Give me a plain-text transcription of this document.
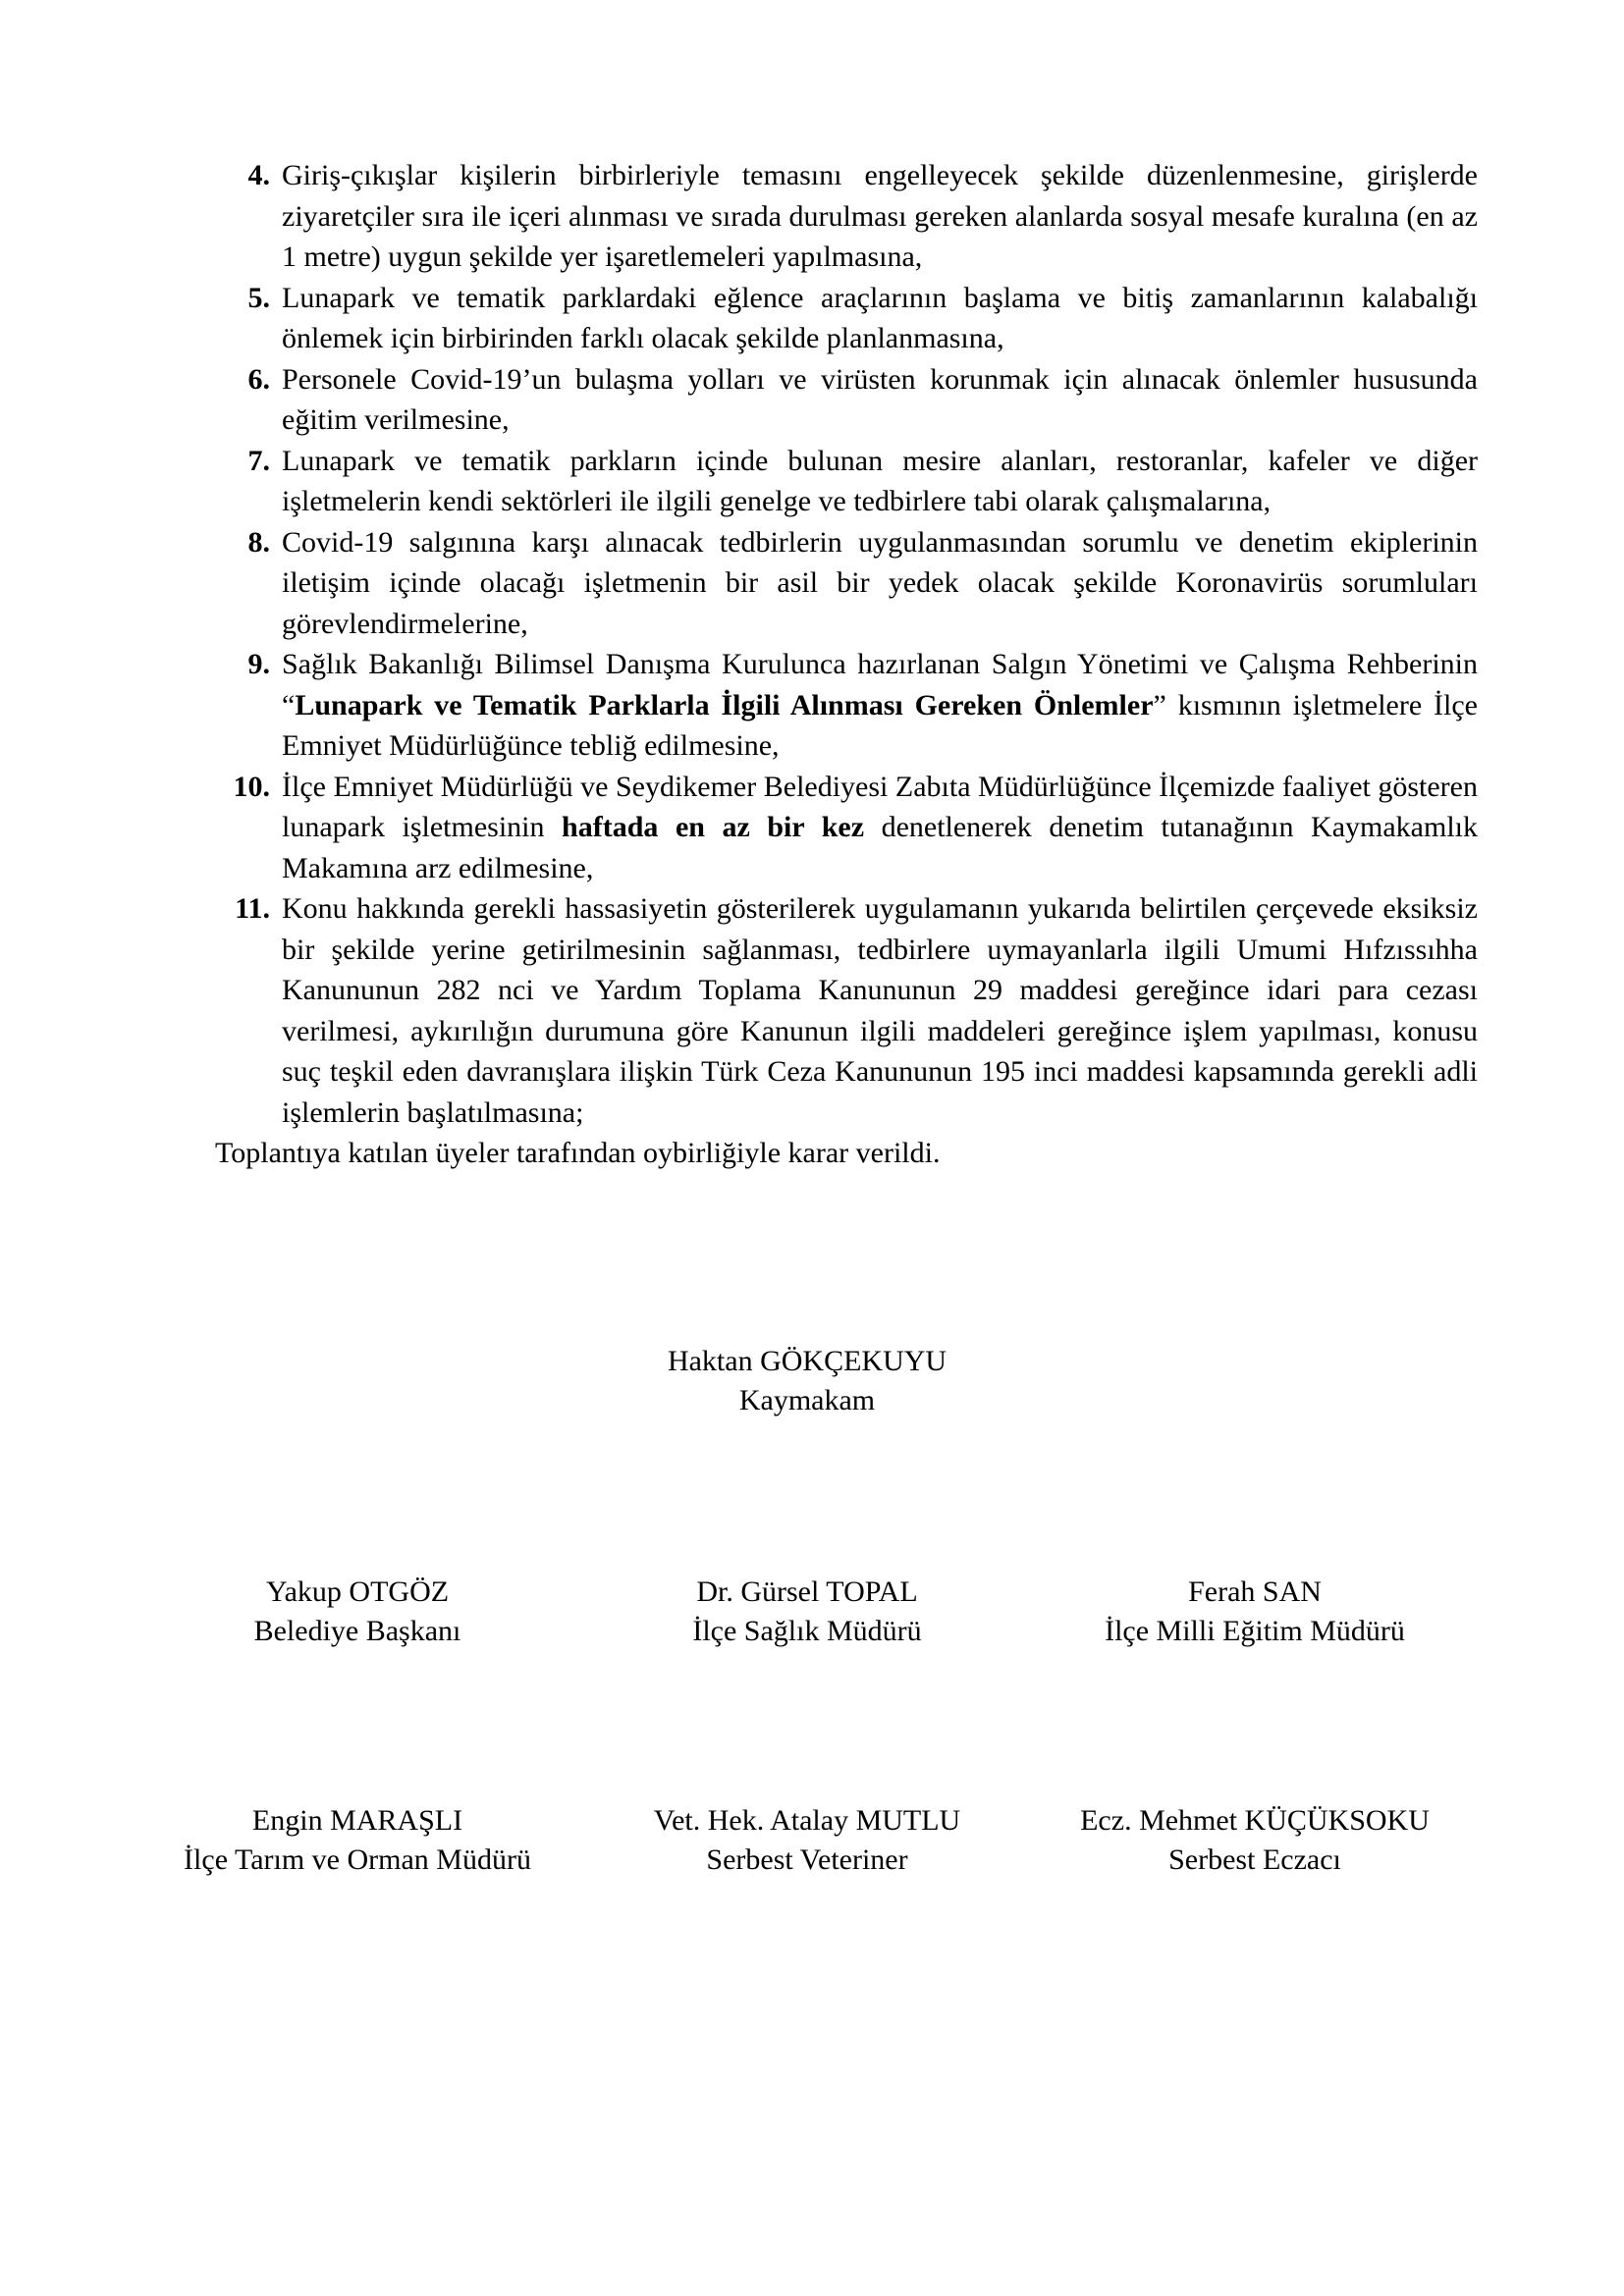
4. Giriş-çıkışlar kişilerin birbirleriyle temasını engelleyecek şekilde düzenlenmesine, girişlerde ziyaretçiler sıra ile içeri alınması ve sırada durulması gereken alanlarda sosyal mesafe kuralına (en az 1 metre) uygun şekilde yer işaretlemeleri yapılmasına,
5. Lunapark ve tematik parklardaki eğlence araçlarının başlama ve bitiş zamanlarının kalabalığı önlemek için birbirinden farklı olacak şekilde planlanmasına,
6. Personele Covid-19’un bulaşma yolları ve virüsten korunmak için alınacak önlemler hususunda eğitim verilmesine,
7. Lunapark ve tematik parkların içinde bulunan mesire alanları, restoranlar, kafeler ve diğer işletmelerin kendi sektörleri ile ilgili genelge ve tedbirlere tabi olarak çalışmalarına,
8. Covid-19 salgınına karşı alınacak tedbirlerin uygulanmasından sorumlu ve denetim ekiplerinin iletişim içinde olacağı işletmenin bir asil bir yedek olacak şekilde Koronavirüs sorumluları görevlendirmelerine,
9. Sağlık Bakanlığı Bilimsel Danışma Kurulunca hazırlanan Salgın Yönetimi ve Çalışma Rehberinin “Lunapark ve Tematik Parklarla İlgili Alınması Gereken Önlemler” kısmının işletmelere İlçe Emniyet Müdürlüğünce tebliğ edilmesine,
10. İlçe Emniyet Müdürlüğü ve Seydikemer Belediyesi Zabıta Müdürlüğünce İlçemizde faaliyet gösteren lunapark işletmesinin haftada en az bir kez denetlenerek denetim tutanağının Kaymakamlık Makamına arz edilmesine,
11. Konu hakkında gerekli hassasiyetin gösterilerek uygulamanın yukarıda belirtilen çerçevede eksiksiz bir şekilde yerine getirilmesinin sağlanması, tedbirlere uymayanlarla ilgili Umumi Hıfzıssıhha Kanununun 282 nci ve Yardım Toplama Kanununun 29 maddesi gereğince idari para cezası verilmesi, aykırılığın durumuna göre Kanunun ilgili maddeleri gereğince işlem yapılması, konusu suç teşkil eden davranışlara ilişkin Türk Ceza Kanununun 195 inci maddesi kapsamında gerekli adli işlemlerin başlatılmasına;

Toplantıya katılan üyeler tarafından oybirliğiyle karar verildi.

Haktan GÖKÇEKUYU
Kaymakam
Yakup OTGÖZ
Belediye Başkanı
Dr. Gürsel TOPAL
İlçe Sağlık Müdürü
Ferah SAN
İlçe Milli Eğitim Müdürü
Engin MARAŞLI
İlçe Tarım ve Orman Müdürü
Vet. Hek. Atalay MUTLU
Serbest Veteriner
Ecz. Mehmet KÜÇÜKSOKU
Serbest Eczacı
